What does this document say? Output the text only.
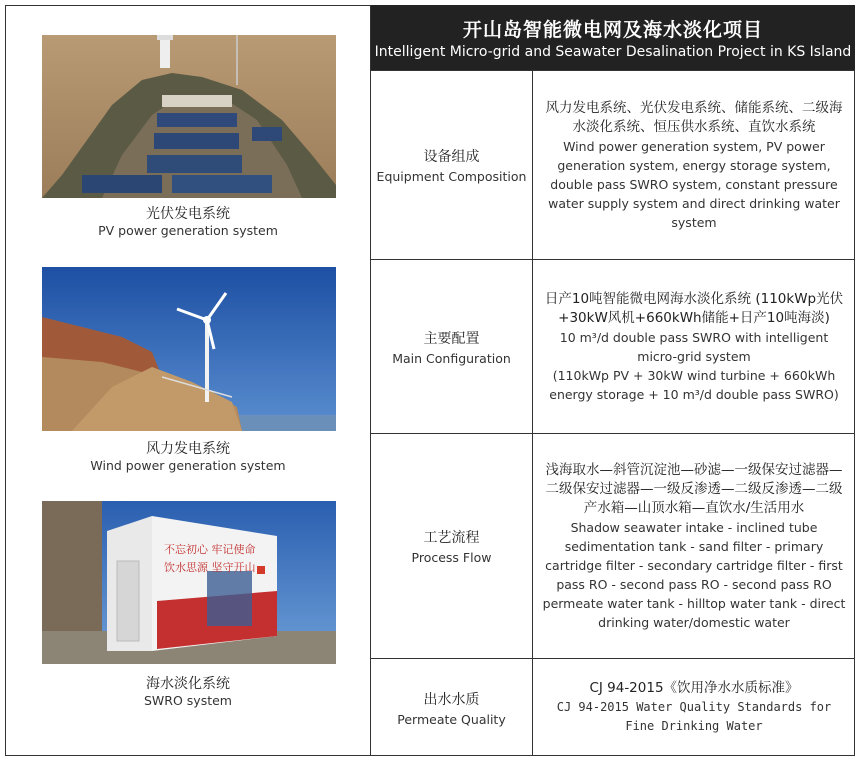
光伏发电系统
PV power generation system
风力发电系统
Wind power generation system
不忘初心 牢记使命
饮水思源 坚守开山
海水淡化系统
SWRO system
开山岛智能微电网及海水淡化项目
Intelligent Micro-grid and Seawater Desalination Project in KS Island
设备组成
Equipment Composition
风力发电系统、光伏发电系统、储能系统、二级海水淡化系统、恒压供水系统、直饮水系统
Wind power generation system, PV power generation system, energy storage system, double pass SWRO system, constant pressure water supply system and direct drinking water system
主要配置
Main Configuration
日产10吨智能微电网海水淡化系统 (110kWp光伏+30kW风机+660kWh储能+日产10吨海淡)
10 m³/d double pass SWRO with intelligent micro-grid system
(110kWp PV + 30kW wind turbine + 660kWh energy storage + 10 m³/d double pass SWRO)
工艺流程
Process Flow
浅海取水—斜管沉淀池—砂滤—一级保安过滤器—二级保安过滤器—一级反渗透—二级反渗透—二级产水箱—山顶水箱—直饮水/生活用水
Shadow seawater intake - inclined tube sedimentation tank - sand filter - primary cartridge filter - secondary cartridge filter - first pass RO - second pass RO - second pass RO permeate water tank - hilltop water tank - direct drinking water/domestic water
出水水质
Permeate Quality
CJ 94-2015《饮用净水水质标准》
CJ 94-2015 Water Quality Standards for Fine Drinking Water
